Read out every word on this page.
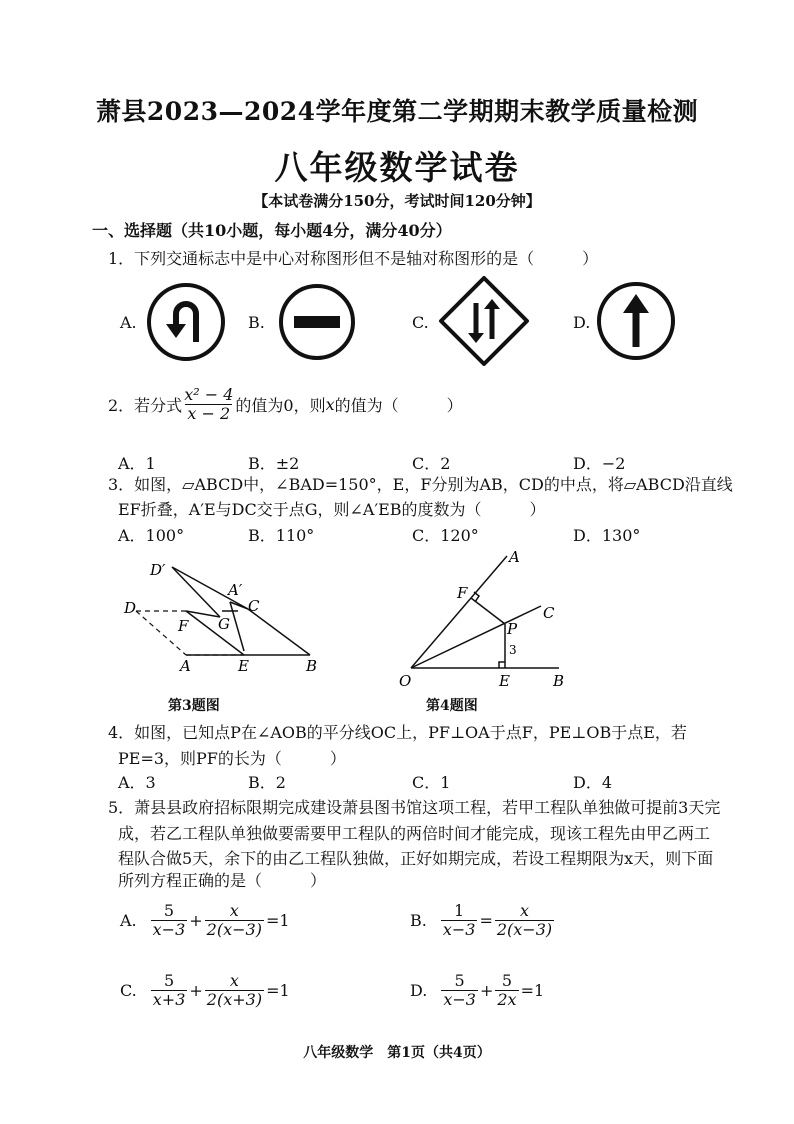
萧县2023—2024学年度第二学期期末教学质量检测
八年级数学试卷
【本试卷满分150分，考试时间120分钟】
一、选择题（共10小题，每小题4分，满分40分）
1．下列交通标志中是中心对称图形但不是轴对称图形的是（　　　）
A.	B.	C.	D.
2．若分式 $\frac{\text{x² − 4}}{x - 2}$ 的值为0，则 x 的值为（　　　）
A．1	B．±2	C．2	D．−2
3．如图，▱ABCD中，∠BAD=150°，E，F分别为AB，CD的中点，将▱ABCD沿直线
EF折叠，A′E与DC交于点G，则∠A′EB的度数为（　　　）
A．100°	B．110°	C．120°	D．130°
D′
A′
D	C
F G
A	E	B
第3题图
A
F
C
P
O	E	B
3
第4题图
4．如图，已知点P在∠AOB的平分线OC上，PF⊥OA于点F，PE⊥OB于点E，若
PE=3，则PF的长为（　　　）
A．3	B．2	C．1	D．4
5．萧县县政府招标限期完成建设萧县图书馆这项工程，若甲工程队单独做可提前3天完
成，若乙工程队单独做要需要甲工程队的两倍时间才能完成，现该工程先由甲乙两工
程队合做5天，余下的由乙工程队独做，正好如期完成，若设工程期限为x天，则下面
所列方程正确的是（　　　）
A. $\frac{5}{x-3} + \frac{x}{2(x-3)} =1$	B. $\frac{1}{x-3} = \frac{x}{2(x-3)}$
C. $\frac{5}{x+3} + \frac{x}{2(x+3)} =1$	D. $\frac{5}{x-3} + \frac{5}{2x} =1$
八年级数学　第1页（共4页）
